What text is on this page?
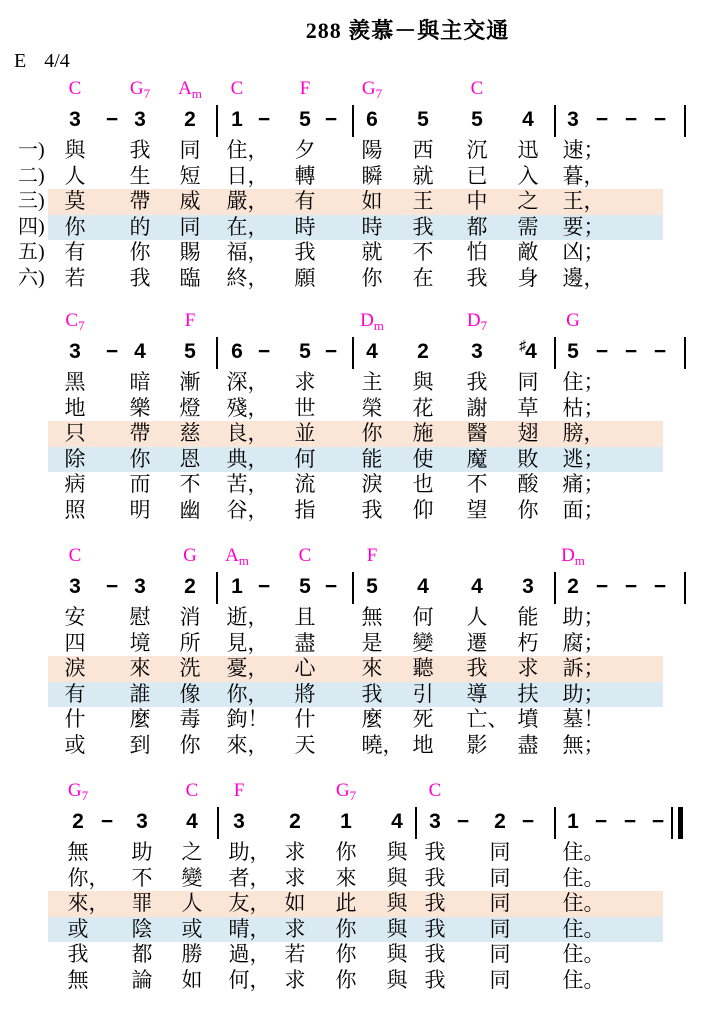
288 羨慕－與主交通
E 4/4
C	$G_7$ $A_m$ C	F	$G_7$	C
3 − 3 2 1 − 5 − 6 5 5 4 3 − − −
一) 與 我 同 住， 夕 陽 西 沉 迅 速；
二) 人 生 短 日， 轉 瞬 就 已 入 暮，
三) 莫 帶 威 嚴 有 如 王 中 之 王
四) 你 的 同 在 時 時 我 都 需 要
五) 有 你 賜 福， 我 就 不 怕 敵 凶；
六) 若 我 臨 終， 願 你 在 我 身 邊，
$C_7$	F	$D_m$	$D_7$	G
3 − 4 5 6 − 5 − 4 2 3	♯4 5 − − −
黑 暗 漸 深， 求 主 與 我 同 住；
地 樂 燈 殘， 世 榮 花 謝 草 枯；
只 帶 慈 良 並 你 施 醫 翅 膀
除 你 恩 典 何 能 使 魔 敗 逃
病 而 不 苦， 流 淚 也 不 酸 痛；
照 明 幽 谷， 指 我 仰 望 你 面；
C	G $A_m$	C	F	$D_m$
3 − 3 2 1 − 5 − 5 4 4 3 2 − − −
安 慰 消 逝， 且 無 何 人 能 助；
四 境 所 見， 盡 是 變 遷 朽 腐；
淚 來 洗 憂 心 來 聽 我 求 訴
有 誰 像 你 將 我 引 導 扶 助
什 麼 毒 鉤！ 什 麼 死 亡、 墳 墓！
或 到 你 來， 天 曉， 地 影 盡 無；
$G_7$	C F	$G_7$	C
2 − 3 4 3 2 1 4 3 − 2 − 1 − − −
無 助 之 助， 求 你 與 我 同 住。
你， 不 變 者， 求 來 與 我 同 住。
來 罪 人 友 如 此 與 我 同 住
或 陰 或 晴 求 你 與 我 同 住
我 都 勝 過， 若 你 與 我 同 住。
無 論 如 何， 求 你 與 我 同 住。
